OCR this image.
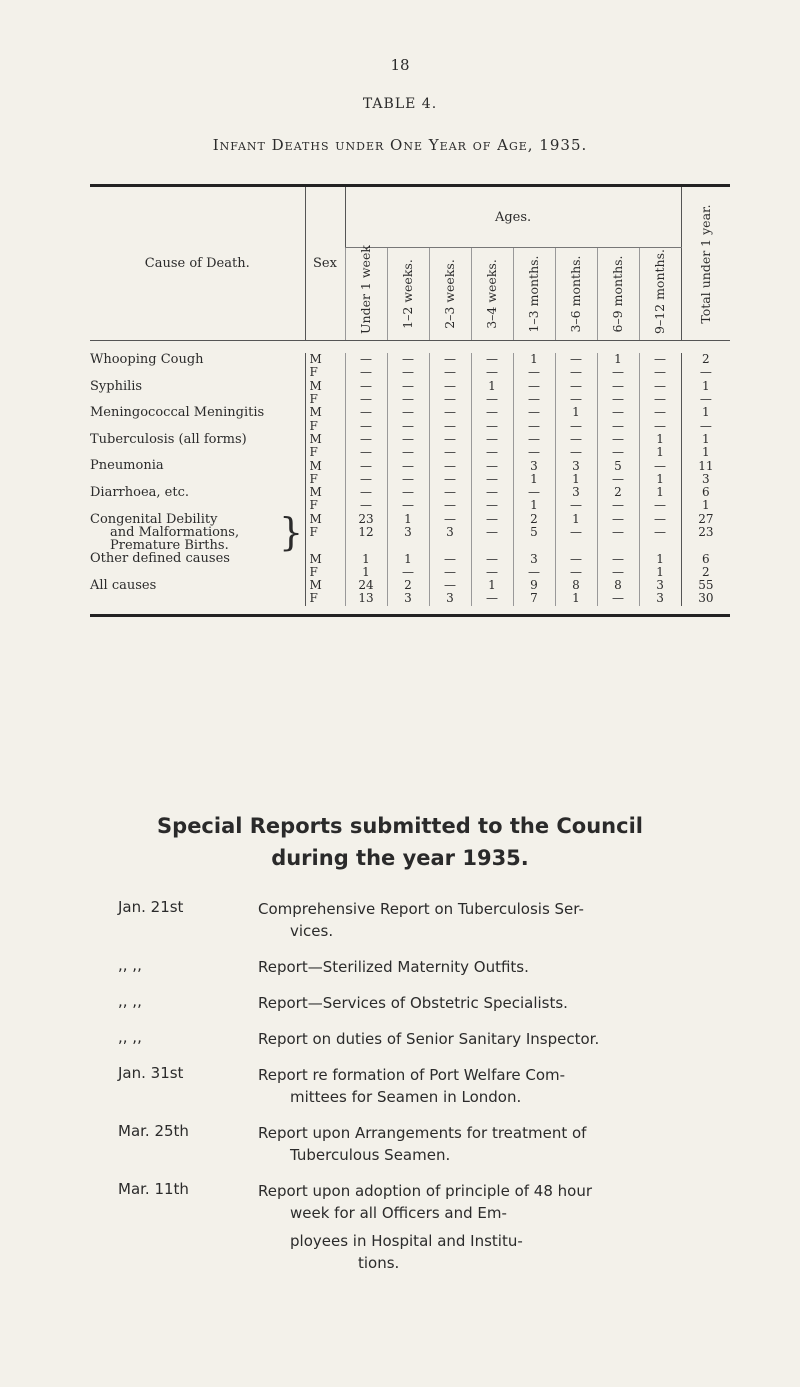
18
TABLE 4.
Infant Deaths under One Year of Age, 1935.
Cause of Death.	Sex	Ages.								Total under 1 year.

		Under 1 week	1–2 weeks.	2–3 weeks.	3–4 weeks.	1–3 months.	3–6 months.	6–9 months.	9–12 months.	

Whooping Cough	M	—	—	—	—	1	—	1	—	2
	F	—	—	—	—	—	—	—	—	—
Syphilis	M	—	—	—	1	—	—	—	—	1
	F	—	—	—	—	—	—	—	—	—
Meningococcal Meningitis	M	—	—	—	—	—	1	—	—	1
	F	—	—	—	—	—	—	—	—	—
Tuberculosis (all forms)	M	—	—	—	—	—	—	—	1	1
	F	—	—	—	—	—	—	—	1	1
Pneumonia	M	—	—	—	—	3	3	5	—	11
	F	—	—	—	—	1	1	—	1	3
Diarrhoea, etc.	M	—	—	—	—	—	3	2	1	6
	F	—	—	—	—	1	—	—	—	1
Congenital Debility	M	23	1	—	—	2	1	—	—	27
and Malformations,	F	12	3	3	—	5	—	—	—	23
Premature Births.										
Other defined causes	M	1	1	—	—	3	—	—	1	6
	F	1	—	—	—	—	—	—	1	2
All causes	M	24	2	—	1	9	8	8	3	55
	F	13	3	3	—	7	1	—	3	30
}
Special Reports submitted to the Council
during the year 1935.
Jan. 21st	Comprehensive Report on Tuberculosis Ser-
vices.
,, ,,	Report—Sterilized Maternity Outfits.
,, ,,	Report—Services of Obstetric Specialists.
,, ,,	Report on duties of Senior Sanitary Inspector.
Jan. 31st	Report re formation of Port Welfare Com-
mittees for Seamen in London.
Mar. 25th	Report upon Arrangements for treatment of
Tuberculous Seamen.
Mar. 11th	Report upon adoption of principle of 48 hour
week for all Officers and Em-
ployees in Hospital and Institu-
tions.
